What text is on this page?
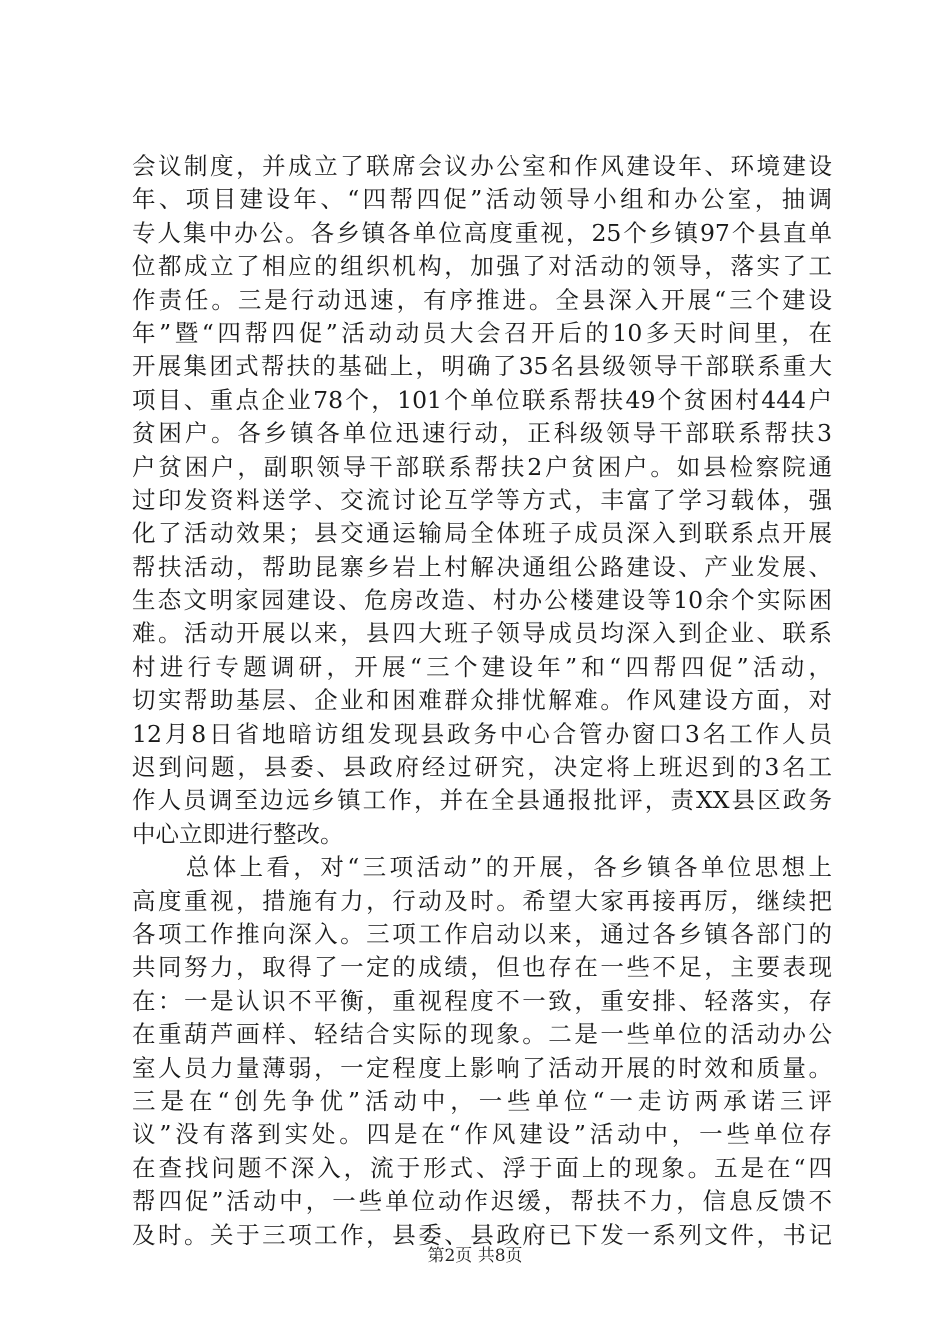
会议制度，并成立了联席会议办公室和作风建设年、环境建设
年、项目建设年、“四帮四促”活动领导小组和办公室，抽调
专人集中办公。各乡镇各单位高度重视，25个乡镇97个县直单
位都成立了相应的组织机构，加强了对活动的领导，落实了工
作责任。三是行动迅速，有序推进。全县深入开展“三个建设
年”暨“四帮四促”活动动员大会召开后的10多天时间里，在
开展集团式帮扶的基础上，明确了35名县级领导干部联系重大
项目、重点企业78个，101个单位联系帮扶49个贫困村444户
贫困户。各乡镇各单位迅速行动，正科级领导干部联系帮扶3
户贫困户，副职领导干部联系帮扶2户贫困户。如县检察院通
过印发资料送学、交流讨论互学等方式，丰富了学习载体，强
化了活动效果；县交通运输局全体班子成员深入到联系点开展
帮扶活动，帮助昆寨乡岩上村解决通组公路建设、产业发展、
生态文明家园建设、危房改造、村办公楼建设等10余个实际困
难。活动开展以来，县四大班子领导成员均深入到企业、联系
村进行专题调研，开展“三个建设年”和“四帮四促”活动，
切实帮助基层、企业和困难群众排忧解难。作风建设方面，对
12月8日省地暗访组发现县政务中心合管办窗口3名工作人员
迟到问题，县委、县政府经过研究，决定将上班迟到的3名工
作人员调至边远乡镇工作，并在全县通报批评，责XX县区政务
中心立即进行整改。
　　总体上看，对“三项活动”的开展，各乡镇各单位思想上
高度重视，措施有力，行动及时。希望大家再接再厉，继续把
各项工作推向深入。三项工作启动以来，通过各乡镇各部门的
共同努力，取得了一定的成绩，但也存在一些不足，主要表现
在：一是认识不平衡，重视程度不一致，重安排、轻落实，存
在重葫芦画样、轻结合实际的现象。二是一些单位的活动办公
室人员力量薄弱，一定程度上影响了活动开展的时效和质量。
三是在“创先争优”活动中，一些单位“一走访两承诺三评
议”没有落到实处。四是在“作风建设”活动中，一些单位存
在查找问题不深入，流于形式、浮于面上的现象。五是在“四
帮四促”活动中，一些单位动作迟缓，帮扶不力，信息反馈不
及时。关于三项工作，县委、县政府已下发一系列文件，书记
第2页 共8页
